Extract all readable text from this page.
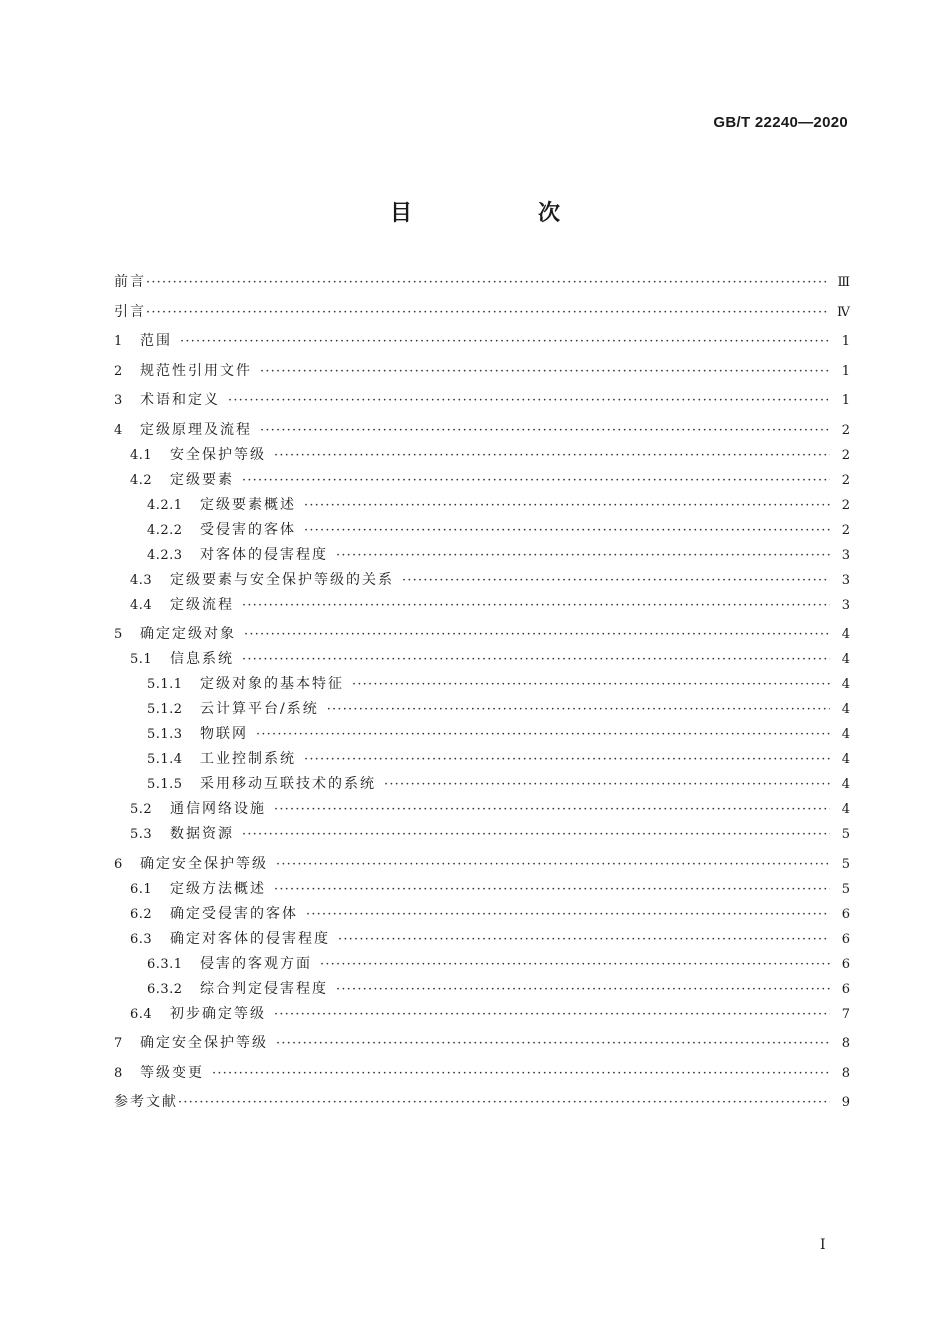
GB/T 22240—2020
目　次
前言 ·····	Ⅲ
引言 ·····	Ⅳ
1	范围 ·····	1
2	规范性引用文件 ·····	1
3	术语和定义 ·····	1
4	定级原理及流程 ·····	2
4.1	安全保护等级 ·····	2
4.2	定级要素 ·····	2
4.2.1	定级要素概述 ·····	2
4.2.2	受侵害的客体 ·····	2
4.2.3	对客体的侵害程度 ·····	3
4.3	定级要素与安全保护等级的关系 ·····	3
4.4	定级流程 ·····	3
5	确定定级对象 ·····	4
5.1	信息系统 ·····	4
5.1.1	定级对象的基本特征 ·····	4
5.1.2	云计算平台/系统 ·····	4
5.1.3	物联网 ·····	4
5.1.4	工业控制系统 ·····	4
5.1.5	采用移动互联技术的系统 ·····	4
5.2	通信网络设施 ·····	4
5.3	数据资源 ·····	5
6	确定安全保护等级 ·····	5
6.1	定级方法概述 ·····	5
6.2	确定受侵害的客体 ·····	6
6.3	确定对客体的侵害程度 ·····	6
6.3.1	侵害的客观方面 ·····	6
6.3.2	综合判定侵害程度 ·····	6
6.4	初步确定等级 ·····	7
7	确定安全保护等级 ·····	8
8	等级变更 ·····	8
参考文献 ·····	9
Ⅰ
